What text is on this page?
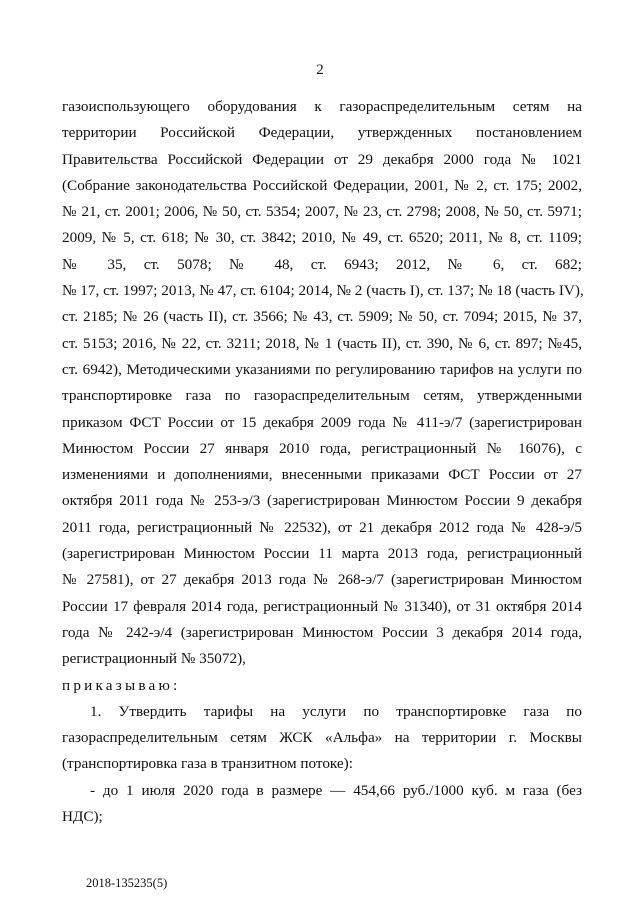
2
газоиспользующего оборудования к газораспределительным сетям на
территории Российской Федерации, утвержденных постановлением
Правительства Российской Федерации от 29 декабря 2000 года № 1021
(Собрание законодательства Российской Федерации, 2001, № 2, ст. 175; 2002,
№ 21, ст. 2001; 2006, № 50, ст. 5354; 2007, № 23, ст. 2798; 2008, № 50, ст. 5971;
2009, № 5, ст. 618; № 30, ст. 3842; 2010, № 49, ст. 6520; 2011, № 8, ст. 1109;
№ 35, ст. 5078; № 48, ст. 6943; 2012, № 6, ст. 682;
№ 17, ст. 1997; 2013, № 47, ст. 6104; 2014, № 2 (часть I), ст. 137; № 18 (часть IV),
ст. 2185; № 26 (часть II), ст. 3566; № 43, ст. 5909; № 50, ст. 7094; 2015, № 37,
ст. 5153; 2016, № 22, ст. 3211; 2018, № 1 (часть II), ст. 390, № 6, ст. 897; №45,
ст. 6942), Методическими указаниями по регулированию тарифов на услуги по
транспортировке газа по газораспределительным сетям, утвержденными
приказом ФСТ России от 15 декабря 2009 года № 411-э/7 (зарегистрирован
Минюстом России 27 января 2010 года, регистрационный № 16076), с
изменениями и дополнениями, внесенными приказами ФСТ России от 27
октября 2011 года № 253-э/3 (зарегистрирован Минюстом России 9 декабря
2011 года, регистрационный № 22532), от 21 декабря 2012 года № 428-э/5
(зарегистрирован Минюстом России 11 марта 2013 года, регистрационный
№ 27581), от 27 декабря 2013 года № 268-э/7 (зарегистрирован Минюстом
России 17 февраля 2014 года, регистрационный № 31340), от 31 октября 2014
года № 242-э/4 (зарегистрирован Минюстом России 3 декабря 2014 года,
регистрационный № 35072),
приказываю:
1. Утвердить тарифы на услуги по транспортировке газа по
газораспределительным сетям ЖСК «Альфа» на территории г. Москвы
(транспортировка газа в транзитном потоке):
- до 1 июля 2020 года в размере — 454,66 руб./1000 куб. м газа (без
НДС);
2018-135235(5)
